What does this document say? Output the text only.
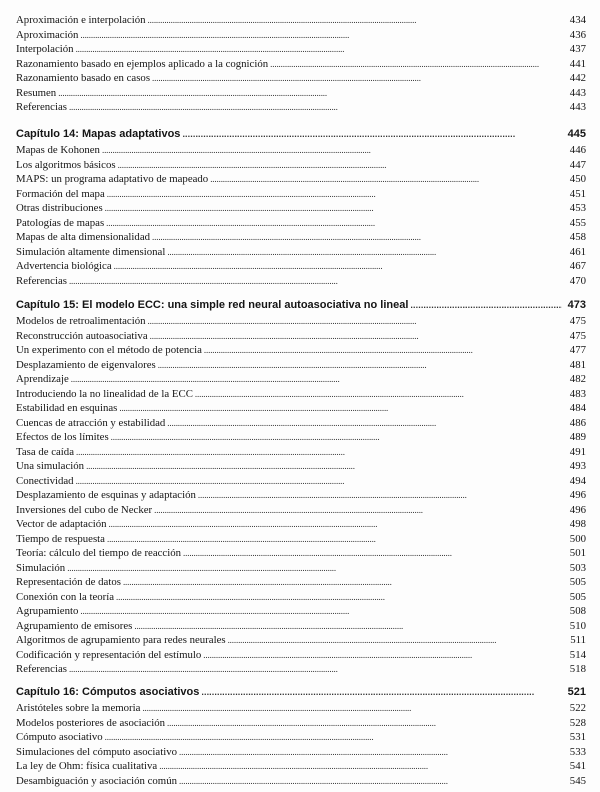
Aproximación e interpolación . . .	434
Aproximación . . .	436
Interpolación . . .	437
Razonamiento basado en ejemplos aplicado a la cognición . . .	441
Razonamiento basado en casos . . .	442
Resumen . . .	443
Referencias . . .	443
Capítulo 14: Mapas adaptativos . . .	445
Mapas de Kohonen . . .	446
Los algoritmos básicos . . .	447
MAPS: un programa adaptativo de mapeado . . .	450
Formación del mapa . . .	451
Otras distribuciones . . .	453
Patologías de mapas . . .	455
Mapas de alta dimensionalidad . . .	458
Simulación altamente dimensional . . .	461
Advertencia biológica . . .	467
Referencias . . .	470
Capítulo 15: El modelo ECC: una simple red neural autoasociativa no lineal . . .	473
Modelos de retroalimentación . . .	475
Reconstrucción autoasociativa . . .	475
Un experimento con el método de potencia . . .	477
Desplazamiento de eigenvalores . . .	481
Aprendizaje . . .	482
Introduciendo la no linealidad de la ECC . . .	483
Estabilidad en esquinas . . .	484
Cuencas de atracción y estabilidad . . .	486
Efectos de los límites . . .	489
Tasa de caída . . .	491
Una simulación . . .	493
Conectividad . . .	494
Desplazamiento de esquinas y adaptación . . .	496
Inversiones del cubo de Necker . . .	496
Vector de adaptación . . .	498
Tiempo de respuesta . . .	500
Teoría: cálculo del tiempo de reacción . . .	501
Simulación . . .	503
Representación de datos . . .	505
Conexión con la teoría . . .	505
Agrupamiento . . .	508
Agrupamiento de emisores . . .	510
Algoritmos de agrupamiento para redes neurales . . .	511
Codificación y representación del estímulo . . .	514
Referencias . . .	518
Capítulo 16: Cómputos asociativos . . .	521
Aristóteles sobre la memoria . . .	522
Modelos posteriores de asociación . . .	528
Cómputo asociativo . . .	531
Simulaciones del cómputo asociativo . . .	533
La ley de Ohm: física cualitativa . . .	541
Desambiguación y asociación común . . .	545
